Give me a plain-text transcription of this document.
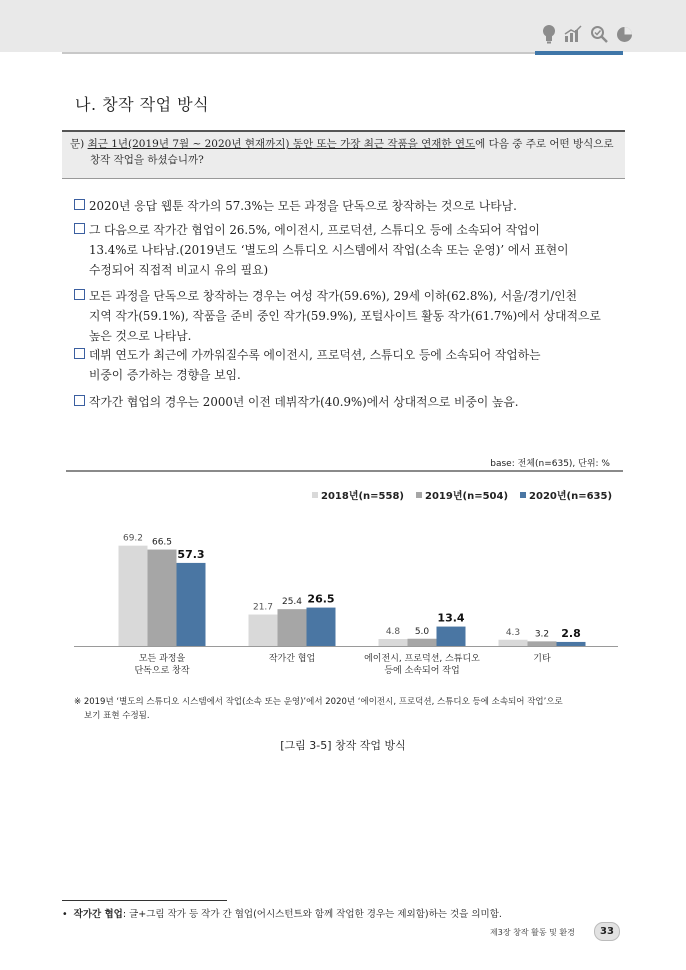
나. 창작 작업 방식
문) 최근 1년(2019년 7월 ~ 2020년 현재까지) 동안 또는 가장 최근 작품을 연재한 연도에 다음 중 주로 어떤 방식으로
창작 작업을 하셨습니까?
2020년 응답 웹툰 작가의 57.3%는 모든 과정을 단독으로 창작하는 것으로 나타남.
그 다음으로 작가간 협업이 26.5%, 에이전시, 프로덕션, 스튜디오 등에 소속되어 작업이
13.4%로 나타남.(2019년도 ‘별도의 스튜디오 시스템에서 작업(소속 또는 운영)’ 에서 표현이
수정되어 직접적 비교시 유의 필요)
모든 과정을 단독으로 창작하는 경우는 여성 작가(59.6%), 29세 이하(62.8%), 서울/경기/인천
지역 작가(59.1%), 작품을 준비 중인 작가(59.9%), 포털사이트 활동 작가(61.7%)에서 상대적으로
높은 것으로 나타남.
데뷔 연도가 최근에 가까워질수록 에이전시, 프로덕션, 스튜디오 등에 소속되어 작업하는
비중이 증가하는 경향을 보임.
작가간 협업의 경우는 2000년 이전 데뷔작가(40.9%)에서 상대적으로 비중이 높음.
base: 전체(n=635), 단위: %
2018년(n=558) 2019년(n=504) 2020년(n=635)
69.2 66.5
57.3
모든 과정을
단독으로 창작
21.7
25.4 26.5
작가간 협업
4.8 5.0
13.4
에이전시, 프로덕션, 스튜디오
등에 소속되어 작업
4.3 3.2 2.8
기타
※ 2019년 ‘별도의 스튜디오 시스템에서 작업(소속 또는 운영)’에서 2020년 ‘에이전시, 프로덕션, 스튜디오 등에 소속되어 작업’으로
보기 표현 수정됨.
[그림 3-5] 창작 작업 방식
• 작가간 협업: 글+그림 작가 등 작가 간 협업(어시스턴트와 함께 작업한 경우는 제외함)하는 것을 의미함.
제3장 창작 활동 및 환경	33
